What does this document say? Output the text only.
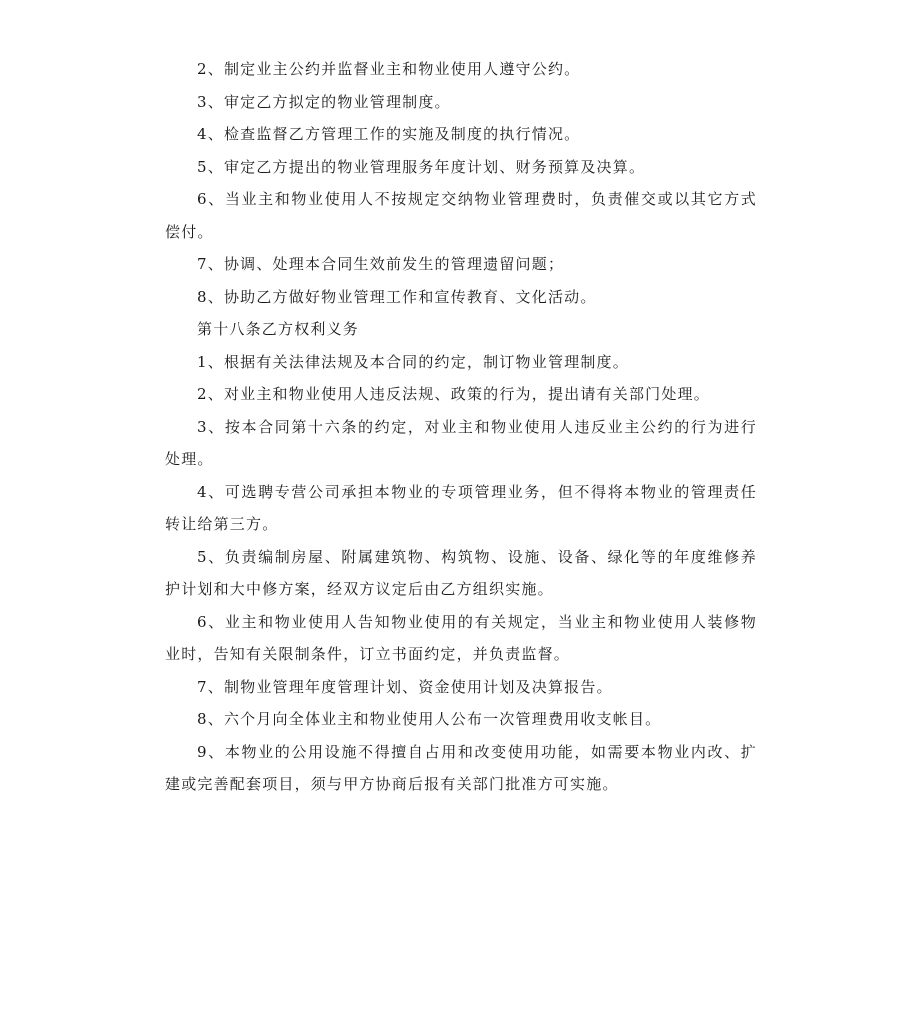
2、制定业主公约并监督业主和物业使用人遵守公约。

3、审定乙方拟定的物业管理制度。

4、检查监督乙方管理工作的实施及制度的执行情况。

5、审定乙方提出的物业管理服务年度计划、财务预算及决算。

6、当业主和物业使用人不按规定交纳物业管理费时，负责催交或以其它方式偿付。

7、协调、处理本合同生效前发生的管理遗留问题；

8、协助乙方做好物业管理工作和宣传教育、文化活动。

第十八条乙方权利义务

1、根据有关法律法规及本合同的约定，制订物业管理制度。

2、对业主和物业使用人违反法规、政策的行为，提出请有关部门处理。

3、按本合同第十六条的约定，对业主和物业使用人违反业主公约的行为进行处理。

4、可选聘专营公司承担本物业的专项管理业务，但不得将本物业的管理责任转让给第三方。

5、负责编制房屋、附属建筑物、构筑物、设施、设备、绿化等的年度维修养护计划和大中修方案，经双方议定后由乙方组织实施。

6、业主和物业使用人告知物业使用的有关规定，当业主和物业使用人装修物业时，告知有关限制条件，订立书面约定，并负责监督。

7、制物业管理年度管理计划、资金使用计划及决算报告。

8、六个月向全体业主和物业使用人公布一次管理费用收支帐目。

9、本物业的公用设施不得擅自占用和改变使用功能，如需要本物业内改、扩建或完善配套项目，须与甲方协商后报有关部门批准方可实施。
